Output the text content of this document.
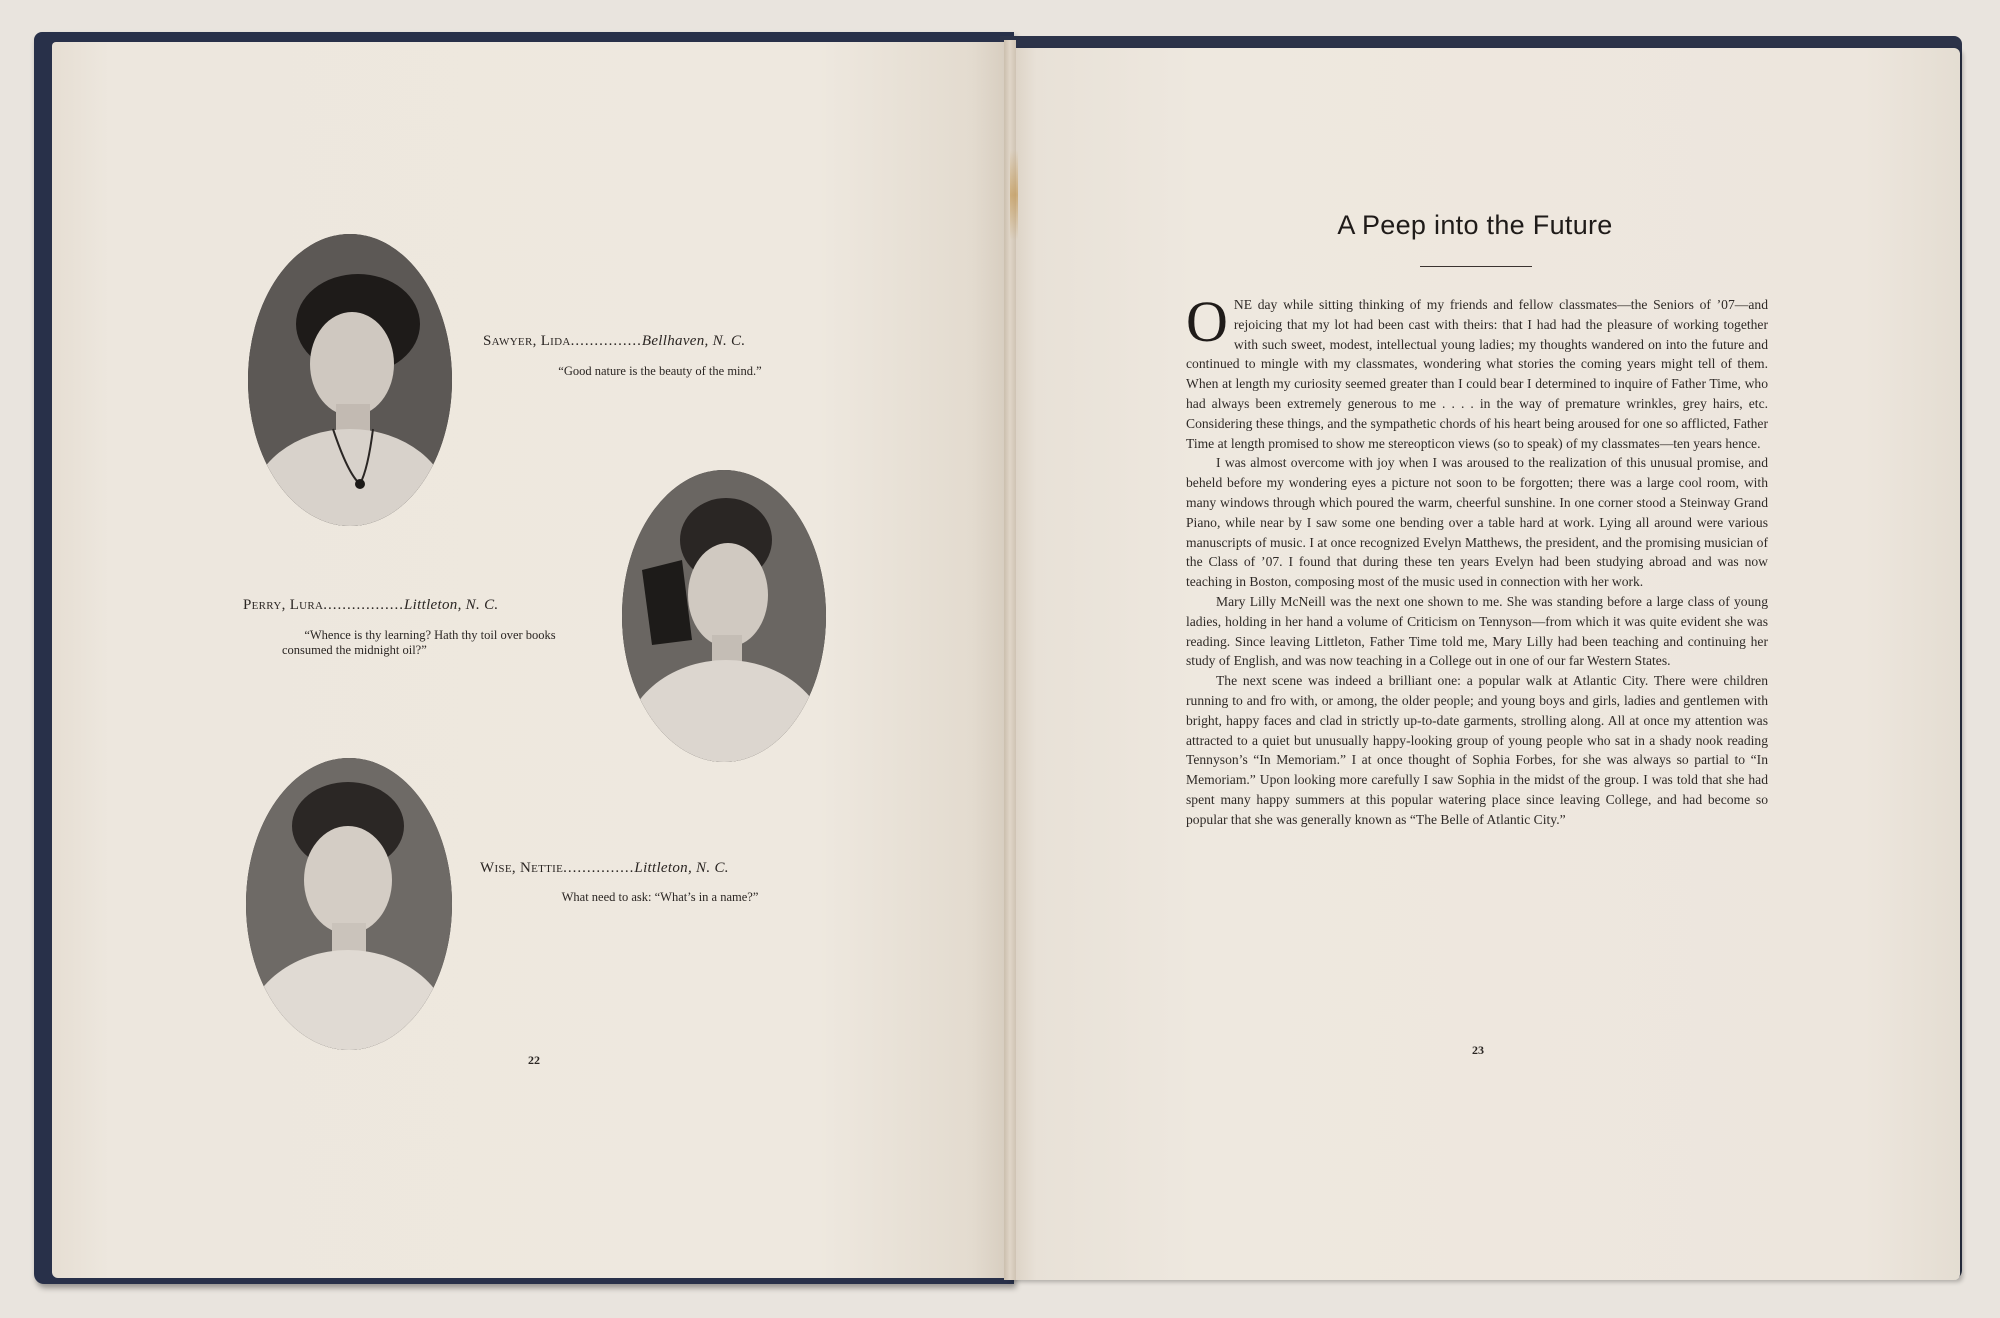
Sawyer, Lida...............Bellhaven, N. C.
“Good nature is the beauty of the mind.”
Perry, Lura.................Littleton, N. C.
“Whence is thy learning? Hath thy toil over books
consumed the midnight oil?”
Wise, Nettie...............Littleton, N. C.
What need to ask: “What’s in a name?”
22
A Peep into the Future

ONE day while sitting thinking of my friends and fellow classmates—the Seniors of ’07—and rejoicing that my lot had been cast with theirs: that I had had the pleasure of working together with such sweet, modest, intellectual young ladies; my thoughts wandered on into the future and continued to mingle with my classmates, wondering what stories the coming years might tell of them. When at length my curiosity seemed greater than I could bear I determined to inquire of Father Time, who had always been extremely generous to me . . . . in the way of premature wrinkles, grey hairs, etc. Considering these things, and the sympathetic chords of his heart being aroused for one so afflicted, Father Time at length promised to show me stereopticon views (so to speak) of my classmates—ten years hence.

I was almost overcome with joy when I was aroused to the realization of this unusual promise, and beheld before my wondering eyes a picture not soon to be forgotten; there was a large cool room, with many windows through which poured the warm, cheerful sunshine. In one corner stood a Steinway Grand Piano, while near by I saw some one bending over a table hard at work. Lying all around were various manuscripts of music. I at once recognized Evelyn Matthews, the president, and the promising musician of the Class of ’07. I found that during these ten years Evelyn had been studying abroad and was now teaching in Boston, composing most of the music used in connection with her work.

Mary Lilly McNeill was the next one shown to me. She was standing before a large class of young ladies, holding in her hand a volume of Criticism on Tennyson—from which it was quite evident she was reading. Since leaving Littleton, Father Time told me, Mary Lilly had been teaching and continuing her study of English, and was now teaching in a College out in one of our far Western States.

The next scene was indeed a brilliant one: a popular walk at Atlantic City. There were children running to and fro with, or among, the older people; and young boys and girls, ladies and gentlemen with bright, happy faces and clad in strictly up-to-date garments, strolling along. All at once my attention was attracted to a quiet but unusually happy-looking group of young people who sat in a shady nook reading Tennyson’s “In Memoriam.” I at once thought of Sophia Forbes, for she was always so partial to “In Memoriam.” Upon looking more carefully I saw Sophia in the midst of the group. I was told that she had spent many happy summers at this popular watering place since leaving College, and had become so popular that she was generally known as “The Belle of Atlantic City.”

23
